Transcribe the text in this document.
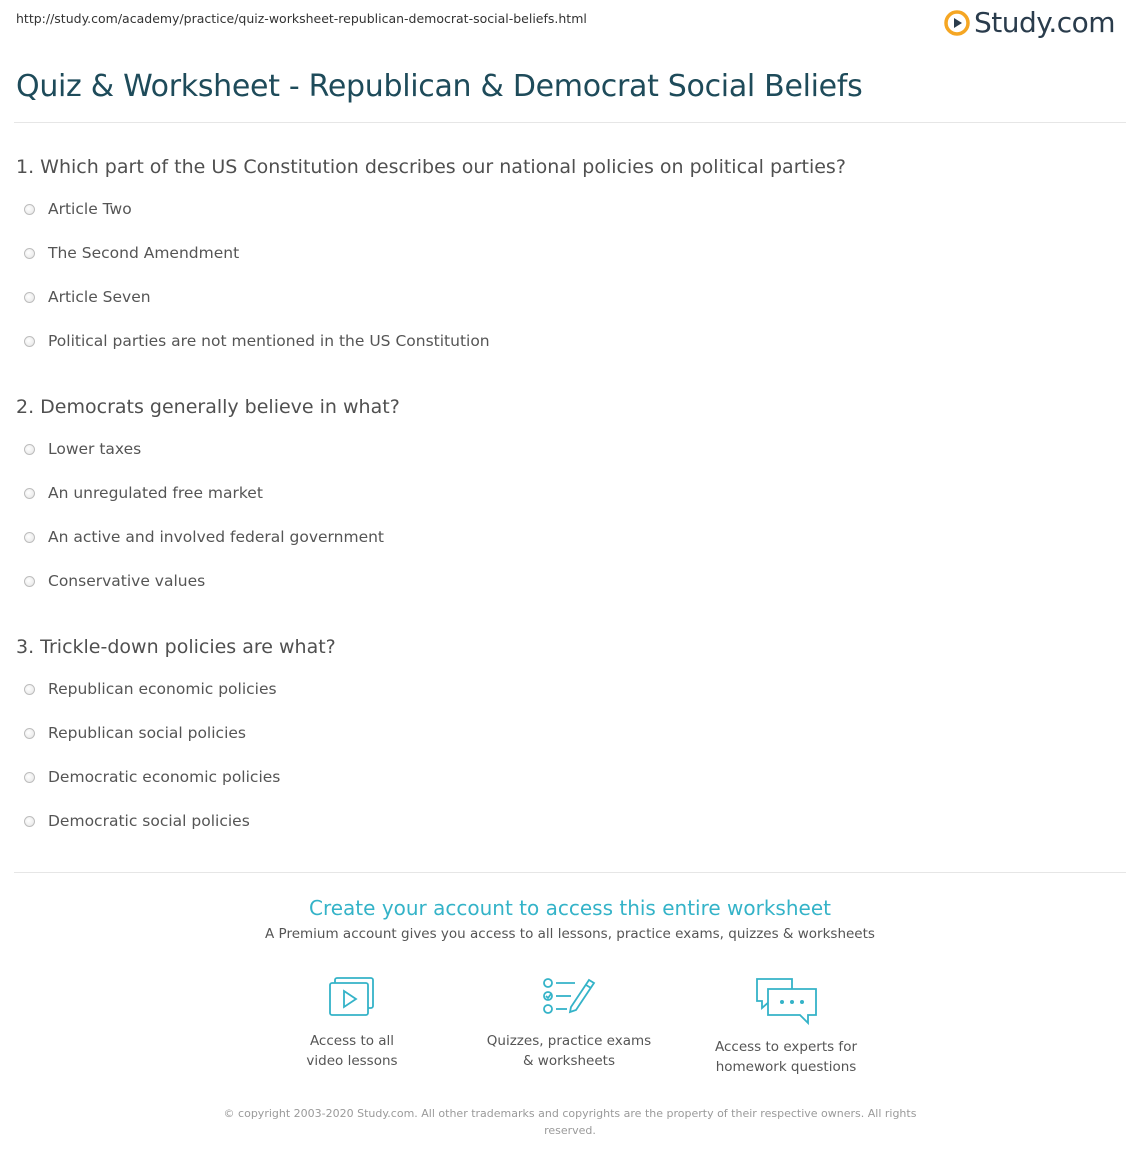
http://study.com/academy/practice/quiz-worksheet-republican-democrat-social-beliefs.html	Study.com
Quiz & Worksheet - Republican & Democrat Social Beliefs
1. Which part of the US Constitution describes our national policies on political parties?
Article Two
The Second Amendment
Article Seven
Political parties are not mentioned in the US Constitution
2. Democrats generally believe in what?
Lower taxes
An unregulated free market
An active and involved federal government
Conservative values
3. Trickle-down policies are what?
Republican economic policies
Republican social policies
Democratic economic policies
Democratic social policies
Create your account to access this entire worksheet
A Premium account gives you access to all lessons, practice exams, quizzes & worksheets
Access to all
video lessons
Quizzes, practice exams
& worksheets
Access to experts for
homework questions
© copyright 2003-2020 Study.com. All other trademarks and copyrights are the property of their respective owners. All rights reserved.
